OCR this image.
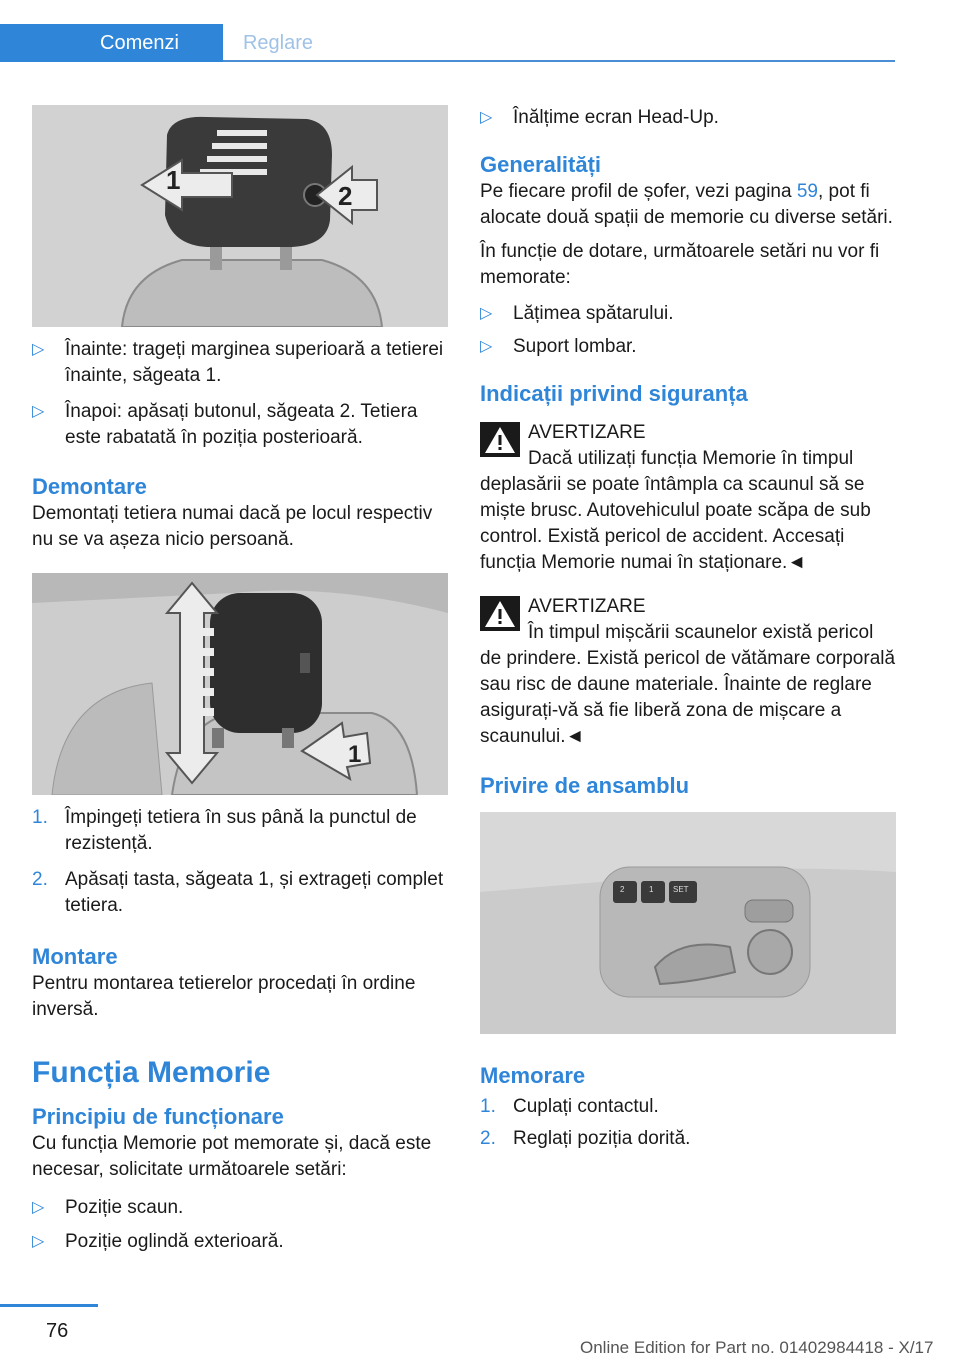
Comenzi	Reglare
1
2
▷ Înainte: trageți marginea superioară a tetierei înainte, săgeata 1.
▷ Înapoi: apăsați butonul, săgeata 2. Tetiera este rabatată în poziția posterioară.
Demontare

Demontați tetiera numai dacă pe locul respectiv nu se va așeza nicio persoană.

1
1. Împingeți tetiera în sus până la punctul de rezistență.
2. Apăsați tasta, săgeata 1, și extrageți complet tetiera.
Montare

Pentru montarea tetierelor procedați în ordine inversă.

Funcția Memorie
Principiu de funcționare

Cu funcția Memorie pot memorate și, dacă este necesar, solicitate următoarele setări:

▷ Poziție scaun.
▷ Poziție oglindă exterioară.
▷ Înălțime ecran Head-Up.
Generalități

Pe fiecare profil de șofer, vezi pagina 59, pot fi alocate două spații de memorie cu diverse setări.

În funcție de dotare, următoarele setări nu vor fi memorate:

▷ Lățimea spătarului.
▷ Suport lombar.
Indicații privind siguranța
AVERTIZARE

Dacă utilizați funcția Memorie în timpul deplasării se poate întâmpla ca scaunul să se miște brusc. Autovehiculul poate scăpa de sub control. Există pericol de accident. Accesați funcția Memorie numai în staționare.◄

AVERTIZARE

În timpul mișcării scaunelor există pericol de prindere. Există pericol de vătămare corporală sau risc de daune materiale. Înainte de reglare asigurați-vă să fie liberă zona de mișcare a scaunului.◄

Privire de ansamblu
2	1 SET
Memorare
1. Cuplați contactul.
2. Reglați poziția dorită.
76
Online Edition for Part no. 01402984418 - X/17
